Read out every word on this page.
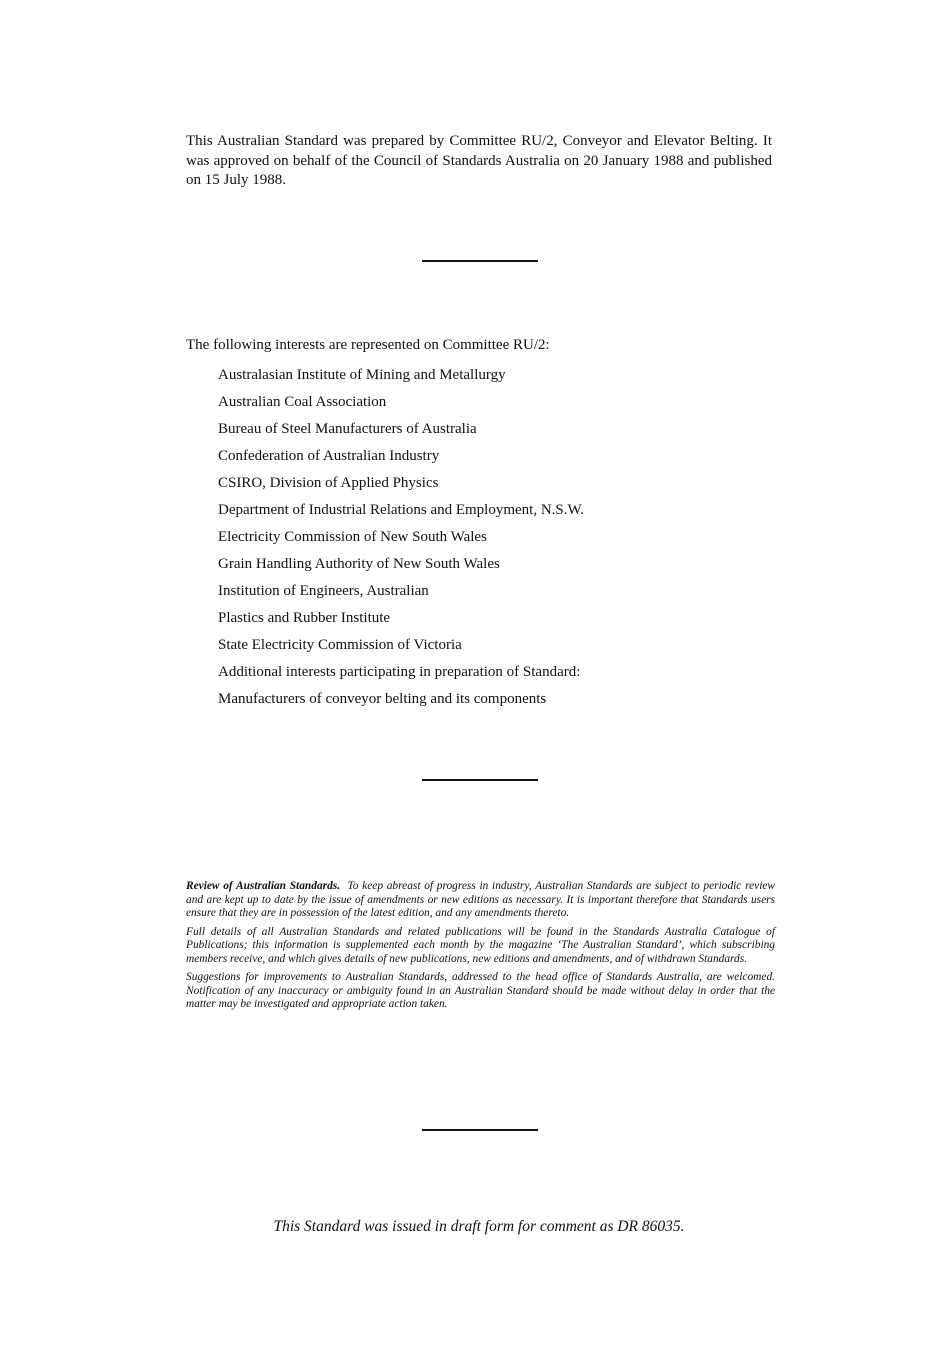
This Australian Standard was prepared by Committee RU/2, Conveyor and Elevator Belting. It was approved on behalf of the Council of Standards Australia on 20 January 1988 and published on 15 July 1988.

The following interests are represented on Committee RU/2:

Australasian Institute of Mining and Metallurgy
Australian Coal Association
Bureau of Steel Manufacturers of Australia
Confederation of Australian Industry
CSIRO, Division of Applied Physics
Department of Industrial Relations and Employment, N.S.W.
Electricity Commission of New South Wales
Grain Handling Authority of New South Wales
Institution of Engineers, Australian
Plastics and Rubber Institute
State Electricity Commission of Victoria
Additional interests participating in preparation of Standard:
Manufacturers of conveyor belting and its components

Review of Australian Standards. To keep abreast of progress in industry, Australian Standards are subject to periodic review and are kept up to date by the issue of amendments or new editions as necessary. It is important therefore that Standards users ensure that they are in possession of the latest edition, and any amendments thereto.

Full details of all Australian Standards and related publications will be found in the Standards Australia Catalogue of Publications; this information is supplemented each month by the magazine ‘The Australian Standard’, which subscribing members receive, and which gives details of new publications, new editions and amendments, and of withdrawn Standards.

Suggestions for improvements to Australian Standards, addressed to the head office of Standards Australia, are welcomed. Notification of any inaccuracy or ambiguity found in an Australian Standard should be made without delay in order that the matter may be investigated and appropriate action taken.

This Standard was issued in draft form for comment as DR 86035.
